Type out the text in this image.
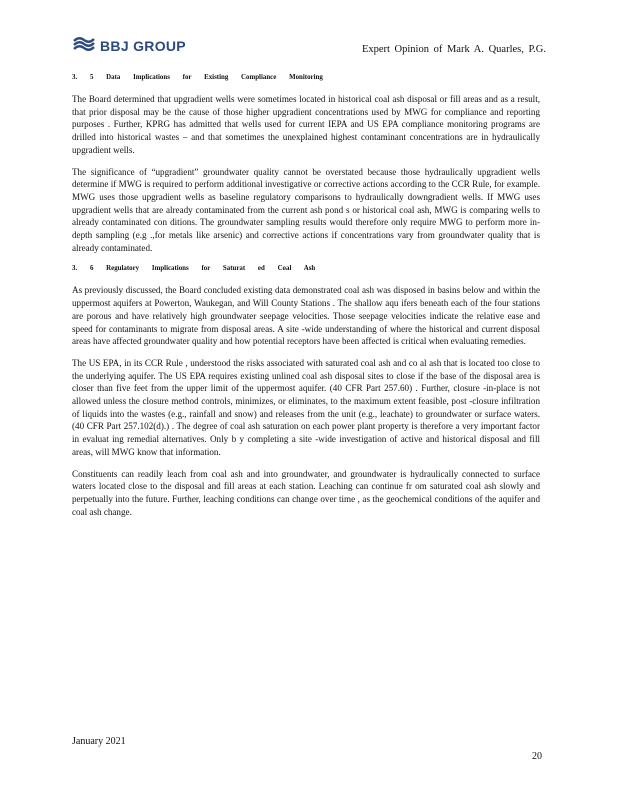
BBJ GROUP	Expert Opinion of Mark A. Quarles, P.G.

3. 5 Data Implications for Existing Compliance Monitoring

The Board determined that upgradient wells were sometimes located in historical coal ash disposal or fill areas and as a result, that prior disposal may be the cause of those higher upgradient concentrations used by MWG for compliance and reporting purposes . Further, KPRG has admitted that wells used for current IEPA and US EPA compliance monitoring programs are drilled into historical wastes – and that sometimes the unexplained highest contaminant concentrations are in hydraulically upgradient wells.

The significance of “upgradient” groundwater quality cannot be overstated because those hydraulically upgradient wells determine if MWG is required to perform additional investigative or corrective actions according to the CCR Rule, for example. MWG uses those upgradient wells as baseline regulatory comparisons to hydraulically downgradient wells. If MWG uses upgradient wells that are already contaminated from the current ash pond s or historical coal ash, MWG is comparing wells to already contaminated con ditions. The groundwater sampling results would therefore only require MWG to perform more in-depth sampling (e.g .,for metals like arsenic) and corrective actions if concentrations vary from groundwater quality that is already contaminated.

3. 6 Regulatory Implications for Saturat ed Coal Ash

As previously discussed, the Board concluded existing data demonstrated coal ash was disposed in basins below and within the uppermost aquifers at Powerton, Waukegan, and Will County Stations . The shallow aqu ifers beneath each of the four stations are porous and have relatively high groundwater seepage velocities. Those seepage velocities indicate the relative ease and speed for contaminants to migrate from disposal areas. A site -wide understanding of where the historical and current disposal areas have affected groundwater quality and how potential receptors have been affected is critical when evaluating remedies.

The US EPA, in its CCR Rule , understood the risks associated with saturated coal ash and co al ash that is located too close to the underlying aquifer. The US EPA requires existing unlined coal ash disposal sites to close if the base of the disposal area is closer than five feet from the upper limit of the uppermost aquifer. (40 CFR Part 257.60) . Further, closure -in-place is not allowed unless the closure method controls, minimizes, or eliminates, to the maximum extent feasible, post -closure infiltration of liquids into the wastes (e.g., rainfall and snow) and releases from the unit (e.g., leachate) to groundwater or surface waters. (40 CFR Part 257.102(d).) . The degree of coal ash saturation on each power plant property is therefore a very important factor in evaluat ing remedial alternatives. Only b y completing a site -wide investigation of active and historical disposal and fill areas, will MWG know that information.

Constituents can readily leach from coal ash and into groundwater, and groundwater is hydraulically connected to surface waters located close to the disposal and fill areas at each station. Leaching can continue fr om saturated coal ash slowly and perpetually into the future. Further, leaching conditions can change over time , as the geochemical conditions of the aquifer and coal ash change.

January 2021
20
